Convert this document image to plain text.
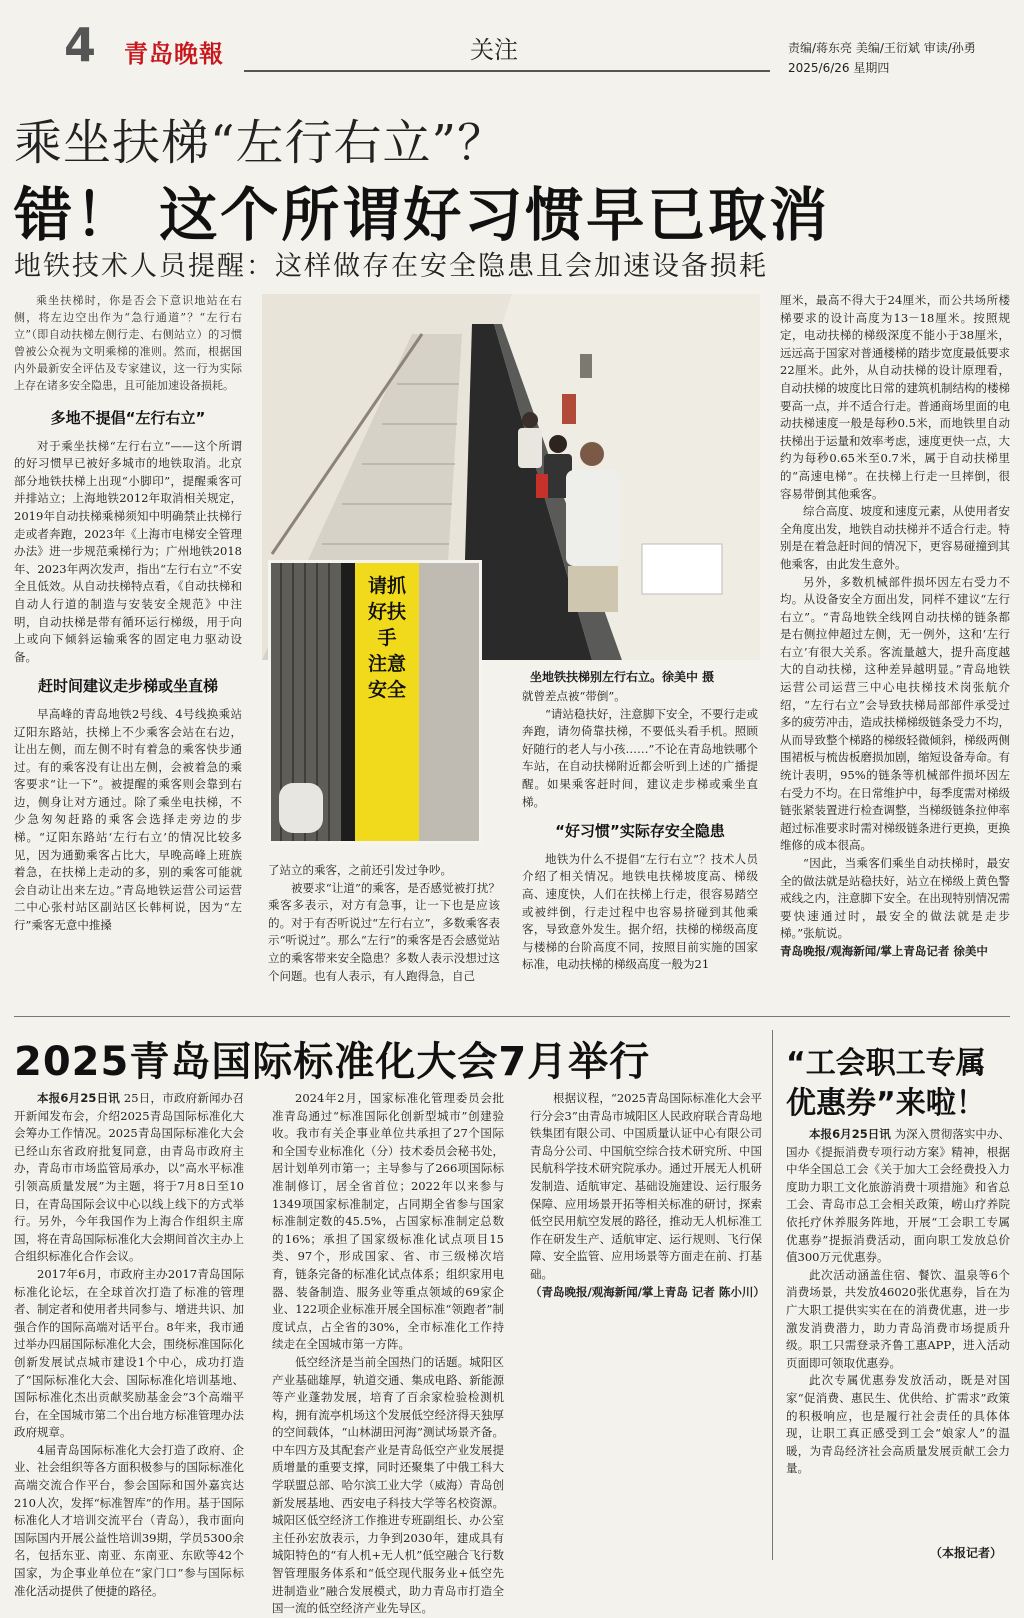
4 青岛晚報	关注	责编/蒋东亮 美编/王衍斌 审读/孙勇
2025/6/26 星期四
乘坐扶梯“左行右立”？
错！ 这个所谓好习惯早已取消
地铁技术人员提醒：这样做存在安全隐患且会加速设备损耗

乘坐扶梯时，你是否会下意识地站在右侧，将左边空出作为“急行通道”？“左行右立”（即自动扶梯左侧行走、右侧站立）的习惯曾被公众视为文明乘梯的准则。然而，根据国内外最新安全评估及专家建议，这一行为实际上存在诸多安全隐患，且可能加速设备损耗。

多地不提倡“左行右立”

对于乘坐扶梯“左行右立”——这个所谓的好习惯早已被好多城市的地铁取消。北京部分地铁扶梯上出现“小脚印”，提醒乘客可并排站立；上海地铁2012年取消相关规定，2019年自动扶梯乘梯须知中明确禁止扶梯行走或者奔跑，2023年《上海市电梯安全管理办法》进一步规范乘梯行为；广州地铁2018年、2023年两次发声，指出“左行右立”不安全且低效。从自动扶梯特点看，《自动扶梯和自动人行道的制造与安装安全规范》中注明，自动扶梯是带有循环运行梯级，用于向上或向下倾斜运输乘客的固定电力驱动设备。

赶时间建议走步梯或坐直梯

早高峰的青岛地铁2号线、4号线换乘站辽阳东路站，扶梯上不少乘客会站在右边，让出左侧，而左侧不时有着急的乘客快步通过。有的乘客没有让出左侧，会被着急的乘客要求“让一下”。被提醒的乘客则会靠到右边，侧身让对方通过。除了乘坐电扶梯，不少急匆匆赶路的乘客会选择走旁边的步梯。“辽阳东路站‘左行右立’的情况比较多见，因为通勤乘客占比大，早晚高峰上班族着急，在扶梯上走动的多，别的乘客可能就会自动让出来左边。”青岛地铁运营公司运营二中心张村站区副站区长韩柯说，因为“左行”乘客无意中推搡

请抓好扶手 注意安全
坐地铁扶梯别左行右立。徐美中 摄

了站立的乘客，之前还引发过争吵。

被要求“让道”的乘客，是否感觉被打扰？乘客多表示，对方有急事，让一下也是应该的。对于有否听说过“左行右立”，多数乘客表示“听说过”。那么“左行”的乘客是否会感觉站立的乘客带来安全隐患？多数人表示没想过这个问题。也有人表示，有人跑得急，自己

就曾差点被“带倒”。

“请站稳扶好，注意脚下安全，不要行走或奔跑，请勿倚靠扶梯，不要低头看手机。照顾好随行的老人与小孩……”不论在青岛地铁哪个车站，在自动扶梯附近都会听到上述的广播提醒。如果乘客赶时间，建议走步梯或乘坐直梯。

“好习惯”实际存安全隐患

地铁为什么不提倡“左行右立”？技术人员介绍了相关情况。地铁电扶梯坡度高、梯级高、速度快，人们在扶梯上行走，很容易踏空或被绊倒，行走过程中也容易挤碰到其他乘客，导致意外发生。据介绍，扶梯的梯级高度与楼梯的台阶高度不同，按照目前实施的国家标准，电动扶梯的梯级高度一般为21

厘米，最高不得大于24厘米，而公共场所楼梯要求的设计高度为13－18厘米。按照规定，电动扶梯的梯级深度不能小于38厘米，远远高于国家对普通楼梯的踏步宽度最低要求22厘米。此外，从自动扶梯的设计原理看，自动扶梯的坡度比日常的建筑机制结构的楼梯要高一点，并不适合行走。普通商场里面的电动扶梯速度一般是每秒0.5米，而地铁里自动扶梯出于运量和效率考虑，速度更快一点，大约为每秒0.65米至0.7米，属于自动扶梯里的“高速电梯”。在扶梯上行走一旦摔倒，很容易带倒其他乘客。

综合高度、坡度和速度元素，从使用者安全角度出发，地铁自动扶梯并不适合行走。特别是在着急赶时间的情况下，更容易碰撞到其他乘客，由此发生意外。

另外，多数机械部件损坏因左右受力不均。从设备安全方面出发，同样不建议“左行右立”。“青岛地铁全线网自动扶梯的链条都是右侧拉伸超过左侧，无一例外，这和‘左行右立’有很大关系。客流量越大，提升高度越大的自动扶梯，这种差异越明显。”青岛地铁运营公司运营三中心电扶梯技术岗张航介绍，“左行右立”会导致扶梯局部部件承受过多的疲劳冲击，造成扶梯梯级链条受力不均，从而导致整个梯路的梯级轻微倾斜，梯级两侧围裙板与梳齿板磨损加剧，缩短设备寿命。有统计表明，95%的链条等机械部件损坏因左右受力不均。在日常维护中，每季度需对梯级链张紧装置进行检查调整，当梯级链条拉伸率超过标准要求时需对梯级链条进行更换，更换维修的成本很高。

“因此，当乘客们乘坐自动扶梯时，最安全的做法就是站稳扶好，站立在梯级上黄色警戒线之内，注意脚下安全。在出现特别情况需要快速通过时，最安全的做法就是走步梯。”张航说。

青岛晚报/观海新闻/掌上青岛记者 徐美中

2025青岛国际标准化大会7月举行

本报6月25日讯 25日，市政府新闻办召开新闻发布会，介绍2025青岛国际标准化大会筹办工作情况。2025青岛国际标准化大会已经山东省政府批复同意，由青岛市政府主办，青岛市市场监管局承办，以“高水平标准引领高质量发展”为主题，将于7月8日至10日，在青岛国际会议中心以线上线下的方式举行。另外，今年我国作为上海合作组织主席国，将在青岛国际标准化大会期间首次主办上合组织标准化合作会议。

2017年6月，市政府主办2017青岛国际标准化论坛，在全球首次打造了标准的管理者、制定者和使用者共同参与、增进共识、加强合作的国际高端对话平台。8年来，我市通过举办四届国际标准化大会，围绕标准国际化创新发展试点城市建设1个中心，成功打造了“国际标准化大会、国际标准化培训基地、国际标准化杰出贡献奖励基金会”3个高端平台，在全国城市第二个出台地方标准管理办法政府规章。

4届青岛国际标准化大会打造了政府、企业、社会组织等各方面积极参与的国际标准化高端交流合作平台，参会国际和国外嘉宾达210人次，发挥“标准智库”的作用。基于国际标准化人才培训交流平台（青岛），我市面向国际国内开展公益性培训39期，学员5300余名，包括东亚、南亚、东南亚、东欧等42个国家，为企事业单位在“家门口”参与国际标准化活动提供了便捷的路径。

2024年2月，国家标准化管理委员会批准青岛通过“标准国际化创新型城市”创建验收。我市有关企事业单位共承担了27个国际和全国专业标准化（分）技术委员会秘书处，居计划单列市第一；主导参与了266项国际标准制修订，居全省首位；2022年以来参与1349项国家标准制定，占同期全省参与国家标准制定数的45.5%，占国家标准制定总数的16%；承担了国家级标准化试点项目15类、97个，形成国家、省、市三级梯次培育，链条完备的标准化试点体系；组织家用电器、装备制造、服务业等重点领域的69家企业、122项企业标准开展全国标准“领跑者”制度试点，占全省的30%，全市标准化工作持续走在全国城市第一方阵。

低空经济是当前全国热门的话题。城阳区产业基础雄厚，轨道交通、集成电路、新能源等产业蓬勃发展，培育了百余家检验检测机构，拥有流亭机场这个发展低空经济得天独厚的空间载体，“山林湖田河海”测试场景齐备。中车四方及其配套产业是青岛低空产业发展提质增量的重要支撑，同时还聚集了中俄工科大学联盟总部、哈尔滨工业大学（威海）青岛创新发展基地、西安电子科技大学等名校资源。城阳区低空经济工作推进专班副组长、办公室主任孙宏放表示，力争到2030年，建成具有城阳特色的“有人机+无人机”低空融合飞行数智管理服务体系和“低空现代服务业+低空先进制造业”融合发展模式，助力青岛市打造全国一流的低空经济产业先导区。

根据议程，“2025青岛国际标准化大会平行分会3”由青岛市城阳区人民政府联合青岛地铁集团有限公司、中国质量认证中心有限公司青岛分公司、中国航空综合技术研究所、中国民航科学技术研究院承办。通过开展无人机研发制造、适航审定、基础设施建设、运行服务保障、应用场景开拓等相关标准的研讨，探索低空民用航空发展的路径，推动无人机标准工作在研发生产、适航审定、运行规则、飞行保障、安全监管、应用场景等方面走在前、打基础。

（青岛晚报/观海新闻/掌上青岛 记者 陈小川）

“工会职工专属优惠券”来啦！

本报6月25日讯 为深入贯彻落实中办、国办《提振消费专项行动方案》精神，根据中华全国总工会《关于加大工会经费投入力度助力职工文化旅游消费十项措施》和省总工会、青岛市总工会相关政策，崂山疗养院依托疗休养服务阵地，开展“工会职工专属优惠券”提振消费活动，面向职工发放总价值300万元优惠券。

此次活动涵盖住宿、餐饮、温泉等6个消费场景，共发放46020张优惠券，旨在为广大职工提供实实在在的消费优惠，进一步激发消费潜力，助力青岛消费市场提质升级。职工只需登录齐鲁工惠APP，进入活动页面即可领取优惠券。

此次专属优惠券发放活动，既是对国家“促消费、惠民生、优供给、扩需求”政策的积极响应，也是履行社会责任的具体体现，让职工真正感受到工会“娘家人”的温暖，为青岛经济社会高质量发展贡献工会力量。

（本报记者）
